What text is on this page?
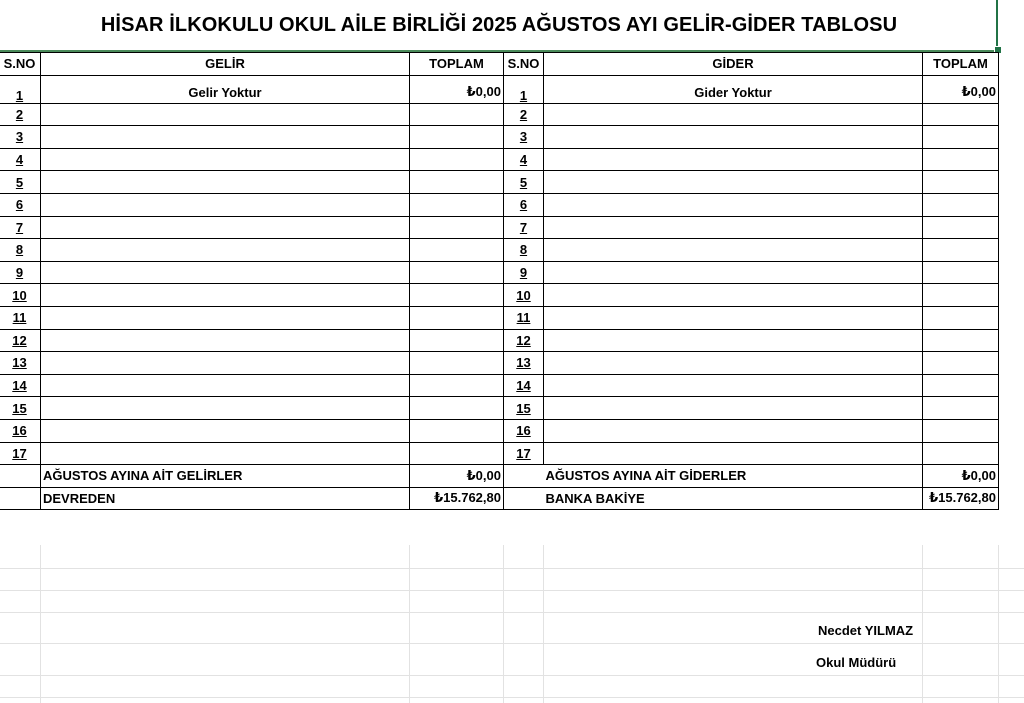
HİSAR İLKOKULU OKUL AİLE BİRLİĞİ 2025 AĞUSTOS AYI GELİR-GİDER TABLOSU
S.NO	GELİR	TOPLAM	S.NO	GİDER	TOPLAM
1	Gelir Yoktur	₺0,00	1	Gider Yoktur	₺0,00
2			2		
3			3		
4			4		
5			5		
6			6		
7			7		
8			8		
9			9		
10			10		
11			11		
12			12		
13			13		
14			14		
15			15		
16			16		
17			17		
	AĞUSTOS AYINA AİT GELİRLER	₺0,00		AĞUSTOS AYINA AİT GİDERLER	₺0,00
	DEVREDEN	₺15.762,80		BANKA BAKİYE	₺15.762,80
Necdet YILMAZ
Okul Müdürü
